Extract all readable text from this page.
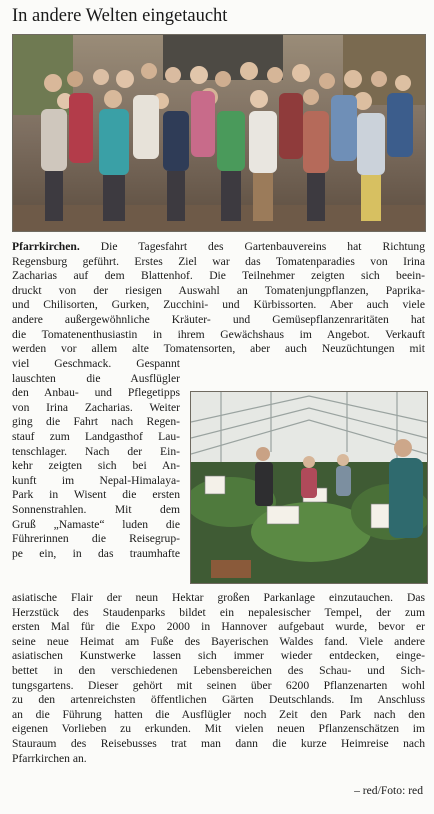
In andere Welten eingetaucht
Pfarrkirchen. Die Tagesfahrt des Gartenbauvereins hat Richtung
Regensburg geführt. Erstes Ziel war das Tomatenparadies von Irina
Zacharias auf dem Blattenhof. Die Teilnehmer zeigten sich beein-
druckt von der riesigen Auswahl an Tomatenjungpflanzen, Paprika-
und Chilisorten, Gurken, Zucchini- und Kürbissorten. Aber auch viele
andere außergewöhnliche Kräuter- und Gemüsepflanzenraritäten hat
die Tomatenenthusiastin in ihrem Gewächshaus im Angebot. Verkauft
werden vor allem alte Tomatensorten, aber auch Neuzüchtungen mit
viel Geschmack. Gespannt
lauschten die Ausflügler
den Anbau- und Pflegetipps
von Irina Zacharias. Weiter
ging die Fahrt nach Regen-
stauf zum Landgasthof Lau-
tenschlager. Nach der Ein-
kehr zeigten sich bei An-
kunft im Nepal-Himalaya-
Park in Wisent die ersten
Sonnenstrahlen. Mit dem
Gruß „Namaste“ luden die
Führerinnen die Reisegrup-
pe ein, in das traumhafte
asiatische Flair der neun Hektar großen Parkanlage einzutauchen. Das
Herzstück des Staudenparks bildet ein nepalesischer Tempel, der zum
ersten Mal für die Expo 2000 in Hannover aufgebaut wurde, bevor er
seine neue Heimat am Fuße des Bayerischen Waldes fand. Viele andere
asiatischen Kunstwerke lassen sich immer wieder entdecken, einge-
bettet in den verschiedenen Lebensbereichen des Schau- und Sich-
tungsgartens. Dieser gehört mit seinen über 6200 Pflanzenarten wohl
zu den artenreichsten öffentlichen Gärten Deutschlands. Im Anschluss
an die Führung hatten die Ausflügler noch Zeit den Park nach den
eigenen Vorlieben zu erkunden. Mit vielen neuen Pflanzenschätzen im
Stauraum des Reisebusses trat man dann die kurze Heimreise nach
Pfarrkirchen an.
– red/Foto: red
